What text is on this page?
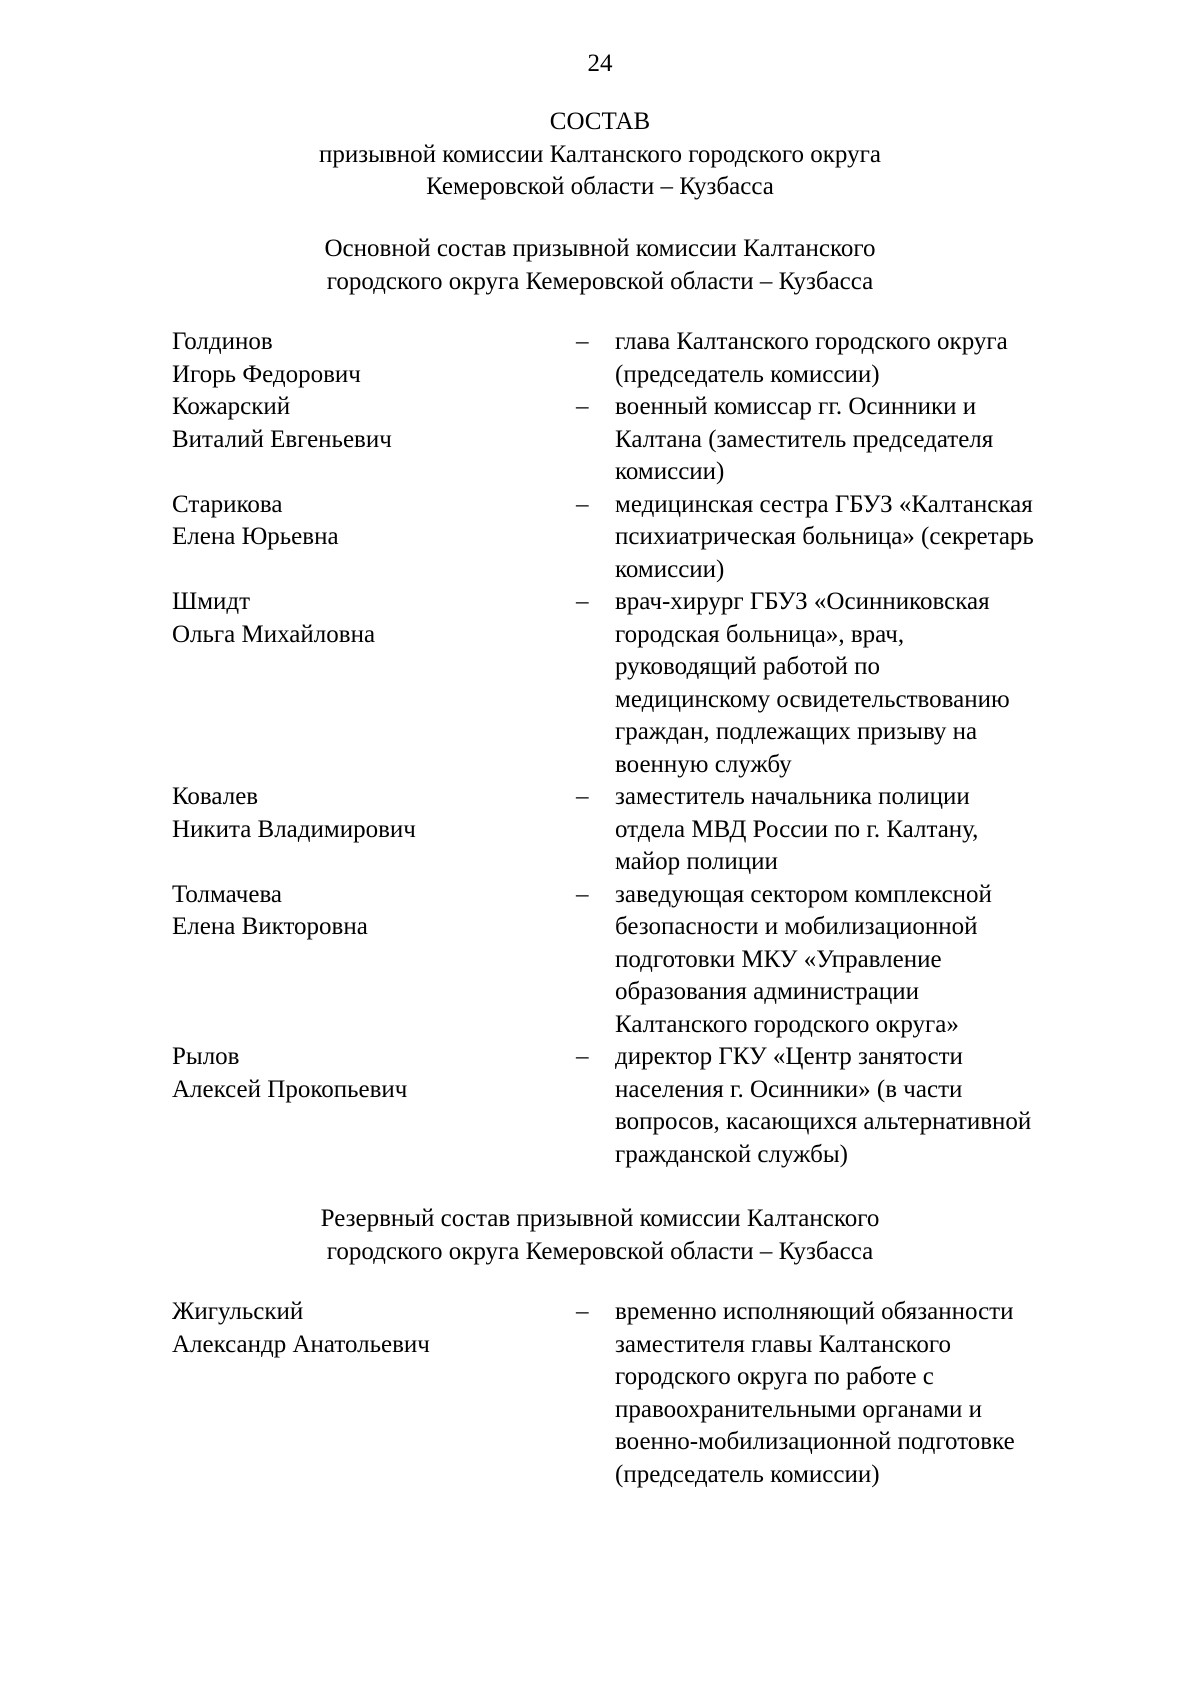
24
СОСТАВ
призывной комиссии Калтанского городского округа
Кемеровской области – Кузбасса
Основной состав призывной комиссии Калтанского
городского округа Кемеровской области – Кузбасса
Голдинов
Игорь Федорович
– глава Калтанского городского округа
(председатель комиссии)
Кожарский
Виталий Евгеньевич
– военный комиссар гг. Осинники и
Калтана (заместитель председателя
комиссии)
Старикова
Елена Юрьевна
– медицинская сестра ГБУЗ «Калтанская
психиатрическая больница» (секретарь
комиссии)
Шмидт
Ольга Михайловна
– врач-хирург ГБУЗ «Осинниковская
городская больница», врач,
руководящий работой по
медицинскому освидетельствованию
граждан, подлежащих призыву на
военную службу
Ковалев
Никита Владимирович
– заместитель начальника полиции
отдела МВД России по г. Калтану,
майор полиции
Толмачева
Елена Викторовна
– заведующая сектором комплексной
безопасности и мобилизационной
подготовки МКУ «Управление
образования администрации
Калтанского городского округа»
Рылов
Алексей Прокопьевич
– директор ГКУ «Центр занятости
населения г. Осинники» (в части
вопросов, касающихся альтернативной
гражданской службы)
Резервный состав призывной комиссии Калтанского
городского округа Кемеровской области – Кузбасса
Жигульский
Александр Анатольевич
– временно исполняющий обязанности
заместителя главы Калтанского
городского округа по работе с
правоохранительными органами и
военно-мобилизационной подготовке
(председатель комиссии)
